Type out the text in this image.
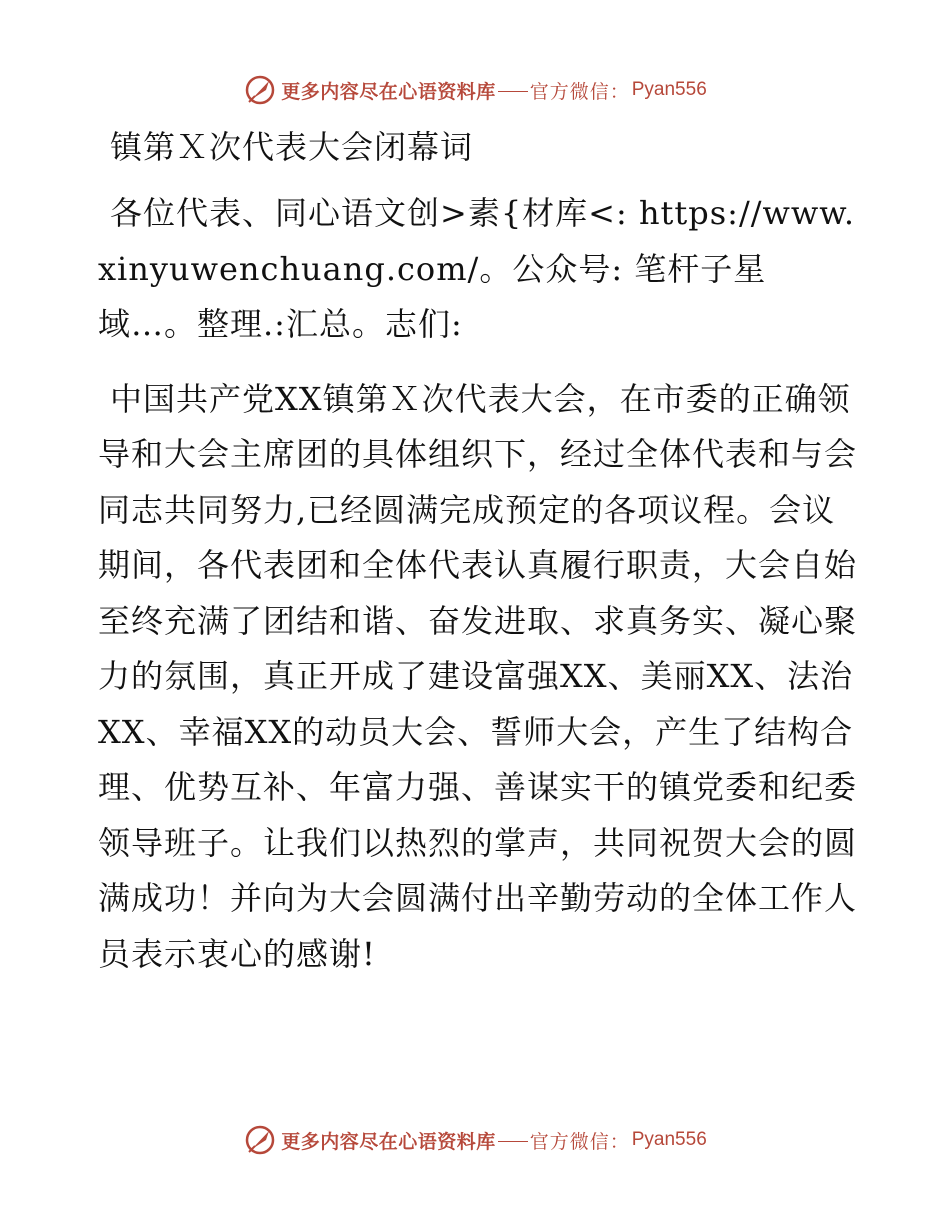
更多内容尽在心语资料库 官方微信： Pyan556
镇第Ｘ次代表大会闭幕词

各位代表、同心语文创>素{材库<: https://www.xinyuwenchuang.com/。公众号: 笔杆子星域…。整理.:汇总。志们:

中国共产党XX镇第Ｘ次代表大会，在市委的正确领导和大会主席团的具体组织下，经过全体代表和与会同志共同努力,已经圆满完成预定的各项议程。会议期间，各代表团和全体代表认真履行职责，大会自始至终充满了团结和谐、奋发进取、求真务实、凝心聚力的氛围，真正开成了建设富强XX、美丽XX、法治XX、幸福XX的动员大会、誓师大会，产生了结构合理、优势互补、年富力强、善谋实干的镇党委和纪委领导班子。让我们以热烈的掌声，共同祝贺大会的圆满成功！并向为大会圆满付出辛勤劳动的全体工作人员表示衷心的感谢!

更多内容尽在心语资料库 官方微信： Pyan556
